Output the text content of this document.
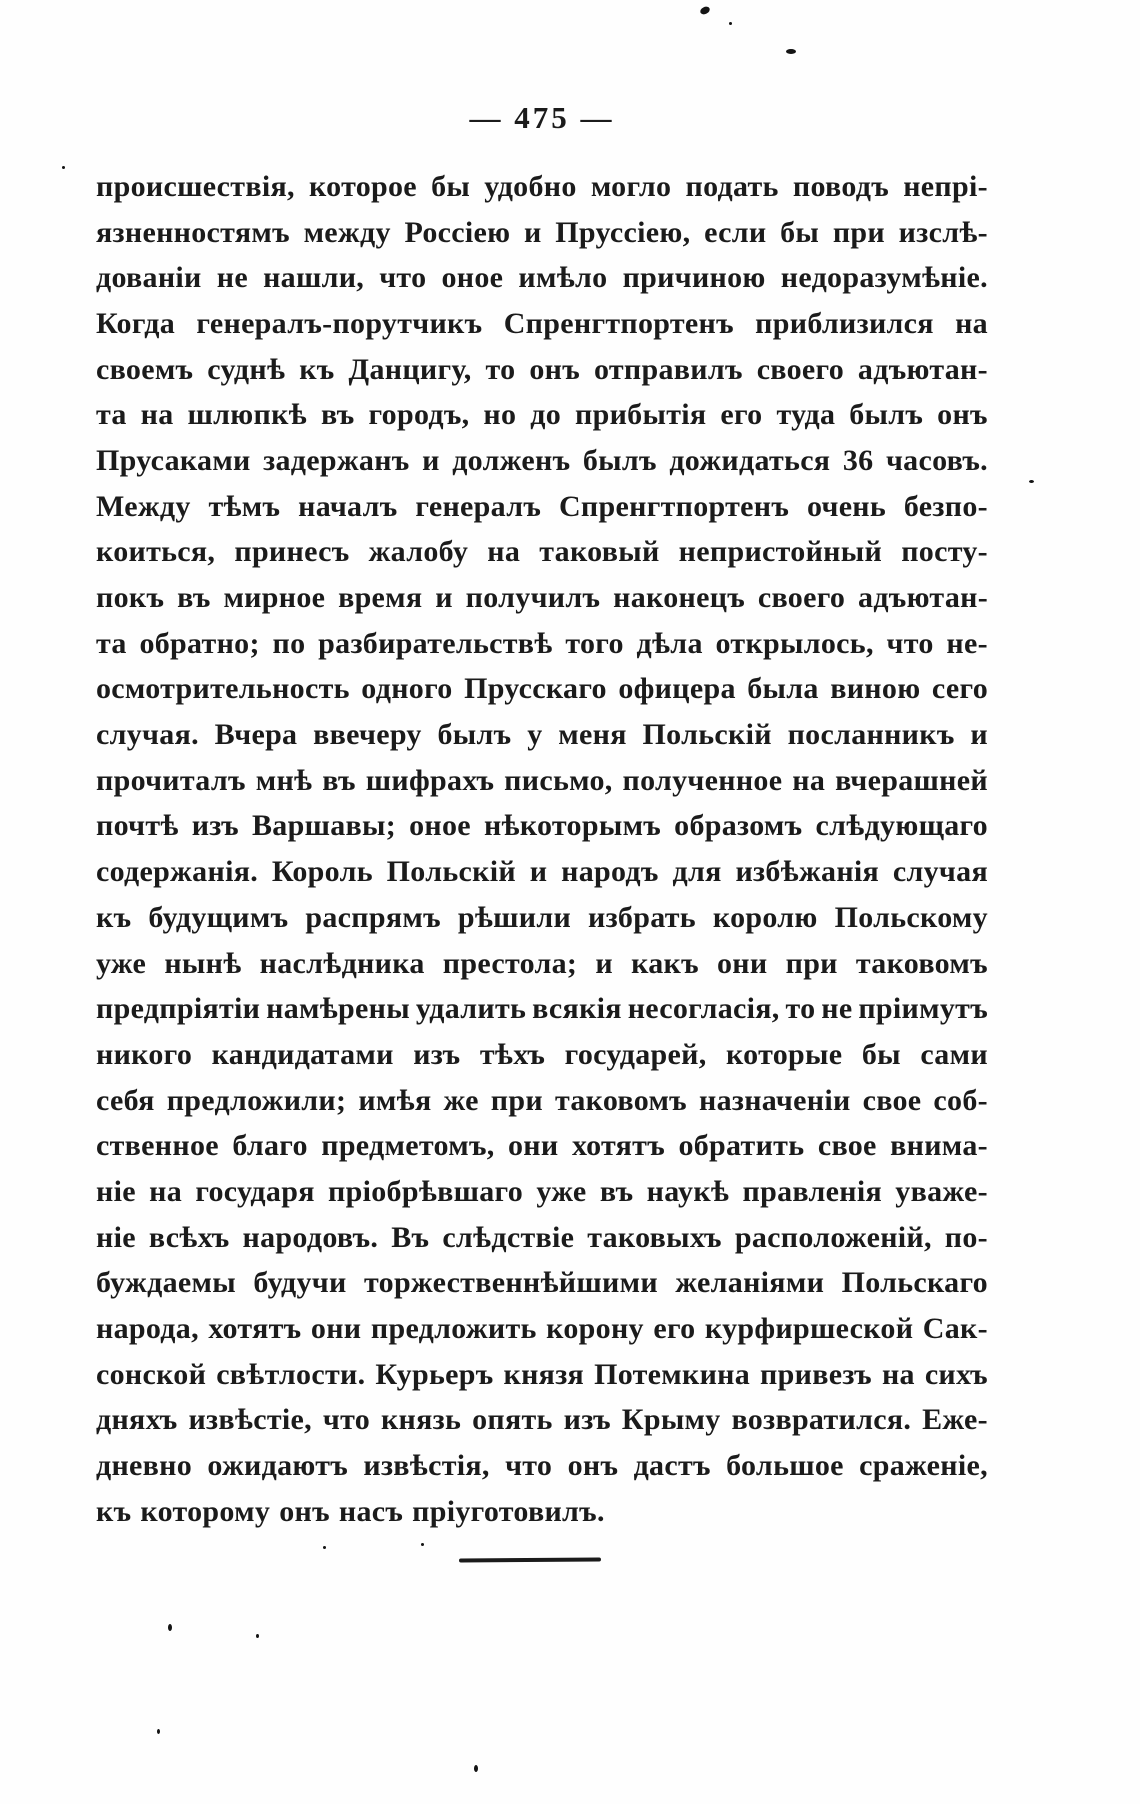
— 475 —
происшествія, которое бы удобно могло подать поводъ непрі-
язненностямъ между Россіею и Пруссіею, если бы при изслѣ-
дованіи не нашли, что оное имѣло причиною недоразумѣніе.
Когда генералъ-порутчикъ Спренгтпортенъ приблизился на
своемъ суднѣ къ Данцигу, то онъ отправилъ своего адъютан-
та на шлюпкѣ въ городъ, но до прибытія его туда былъ онъ
Прусаками задержанъ и долженъ былъ дожидаться 36 часовъ.
Между тѣмъ началъ генералъ Спренгтпортенъ очень безпо-
коиться, принесъ жалобу на таковый непристойный посту-
покъ въ мирное время и получилъ наконецъ своего адъютан-
та обратно; по разбирательствѣ того дѣла открылось, что не-
осмотрительность одного Прусскаго офицера была виною сего
случая. Вчера ввечеру былъ у меня Польскій посланникъ и
прочиталъ мнѣ въ шифрахъ письмо, полученное на вчерашней
почтѣ изъ Варшавы; оное нѣкоторымъ образомъ слѣдующаго
содержанія. Король Польскій и народъ для избѣжанія случая
къ будущимъ распрямъ рѣшили избрать королю Польскому
уже нынѣ наслѣдника престола; и какъ они при таковомъ
предпріятіи намѣрены удалить всякія несогласія, то не пріимутъ
никого кандидатами изъ тѣхъ государей, которые бы сами
себя предложили; имѣя же при таковомъ назначеніи свое соб-
ственное благо предметомъ, они хотятъ обратить свое внима-
ніе на государя пріобрѣвшаго уже въ наукѣ правленія уваже-
ніе всѣхъ народовъ. Въ слѣдствіе таковыхъ расположеній, по-
буждаемы будучи торжественнѣйшими желаніями Польскаго
народа, хотятъ они предложить корону его курфиршеской Сак-
сонской свѣтлости. Курьеръ князя Потемкина привезъ на сихъ
дняхъ извѣстіе, что князь опять изъ Крыму возвратился. Еже-
дневно ожидаютъ извѣстія, что онъ дастъ большое сраженіе,
къ которому онъ насъ пріуготовилъ.
